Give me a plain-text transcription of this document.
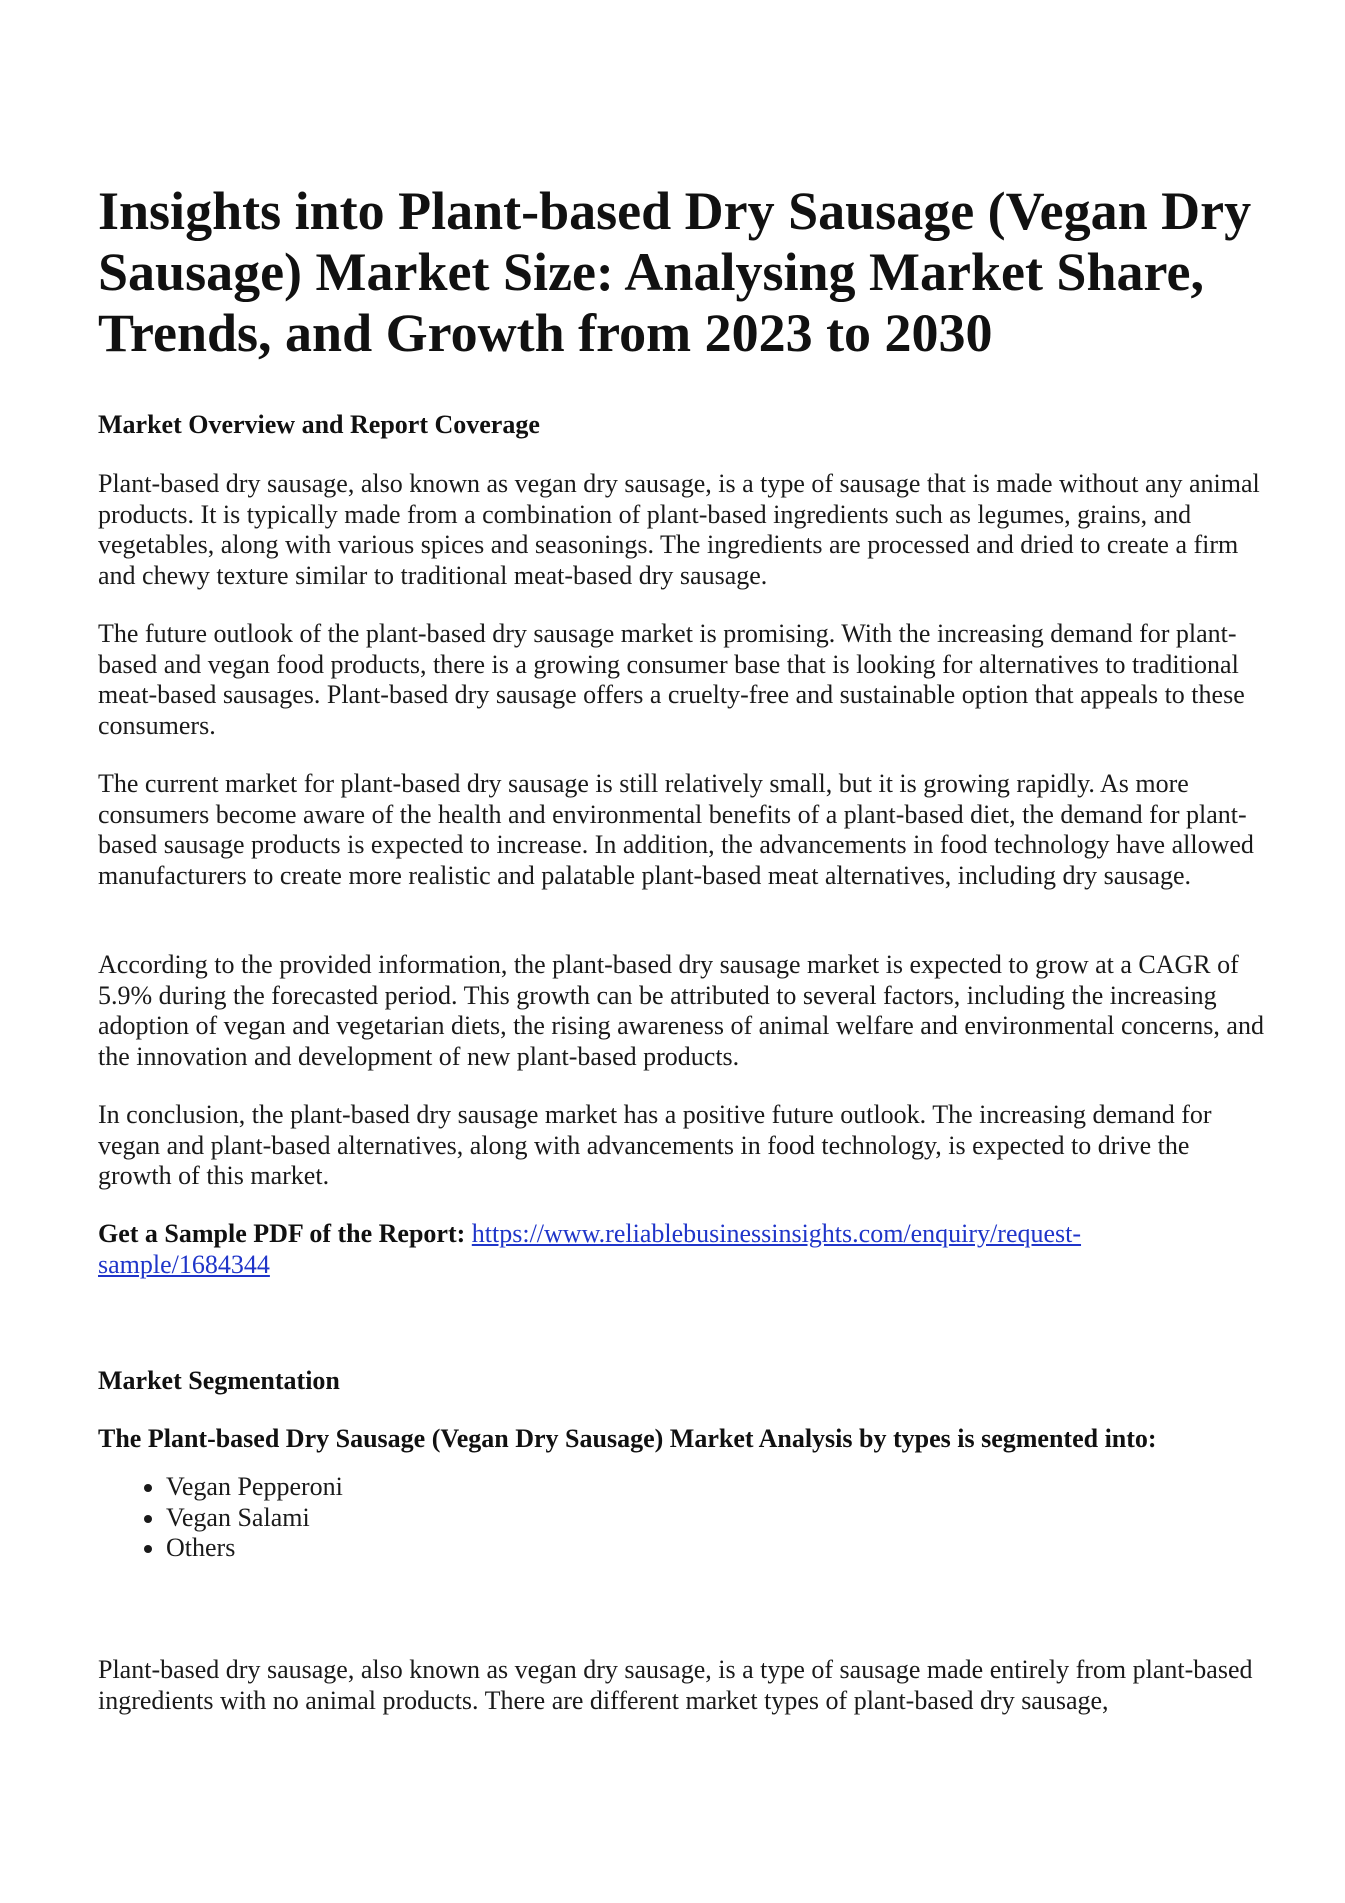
Insights into Plant-based Dry Sausage (Vegan Dry Sausage) Market Size: Analysing Market Share, Trends, and Growth from 2023 to 2030
Market Overview and Report Coverage

Plant-based dry sausage, also known as vegan dry sausage, is a type of sausage that is made without any animal products. It is typically made from a combination of plant-based ingredients such as legumes, grains, and vegetables, along with various spices and seasonings. The ingredients are processed and dried to create a firm and chewy texture similar to traditional meat-based dry sausage.

The future outlook of the plant-based dry sausage market is promising. With the increasing demand for plant-based and vegan food products, there is a growing consumer base that is looking for alternatives to traditional meat-based sausages. Plant-based dry sausage offers a cruelty-free and sustainable option that appeals to these consumers.

The current market for plant-based dry sausage is still relatively small, but it is growing rapidly. As more consumers become aware of the health and environmental benefits of a plant-based diet, the demand for plant-based sausage products is expected to increase. In addition, the advancements in food technology have allowed manufacturers to create more realistic and palatable plant-based meat alternatives, including dry sausage.

According to the provided information, the plant-based dry sausage market is expected to grow at a CAGR of 5.9% during the forecasted period. This growth can be attributed to several factors, including the increasing adoption of vegan and vegetarian diets, the rising awareness of animal welfare and environmental concerns, and the innovation and development of new plant-based products.

In conclusion, the plant-based dry sausage market has a positive future outlook. The increasing demand for vegan and plant-based alternatives, along with advancements in food technology, is expected to drive the growth of this market.

Get a Sample PDF of the Report: https://www.reliablebusinessinsights.com/enquiry/request-sample/1684344

Market Segmentation
The Plant-based Dry Sausage (Vegan Dry Sausage) Market Analysis by types is segmented into:
• Vegan Pepperoni
• Vegan Salami
• Others

Plant-based dry sausage, also known as vegan dry sausage, is a type of sausage made entirely from plant-based ingredients with no animal products. There are different market types of plant-based dry sausage,
